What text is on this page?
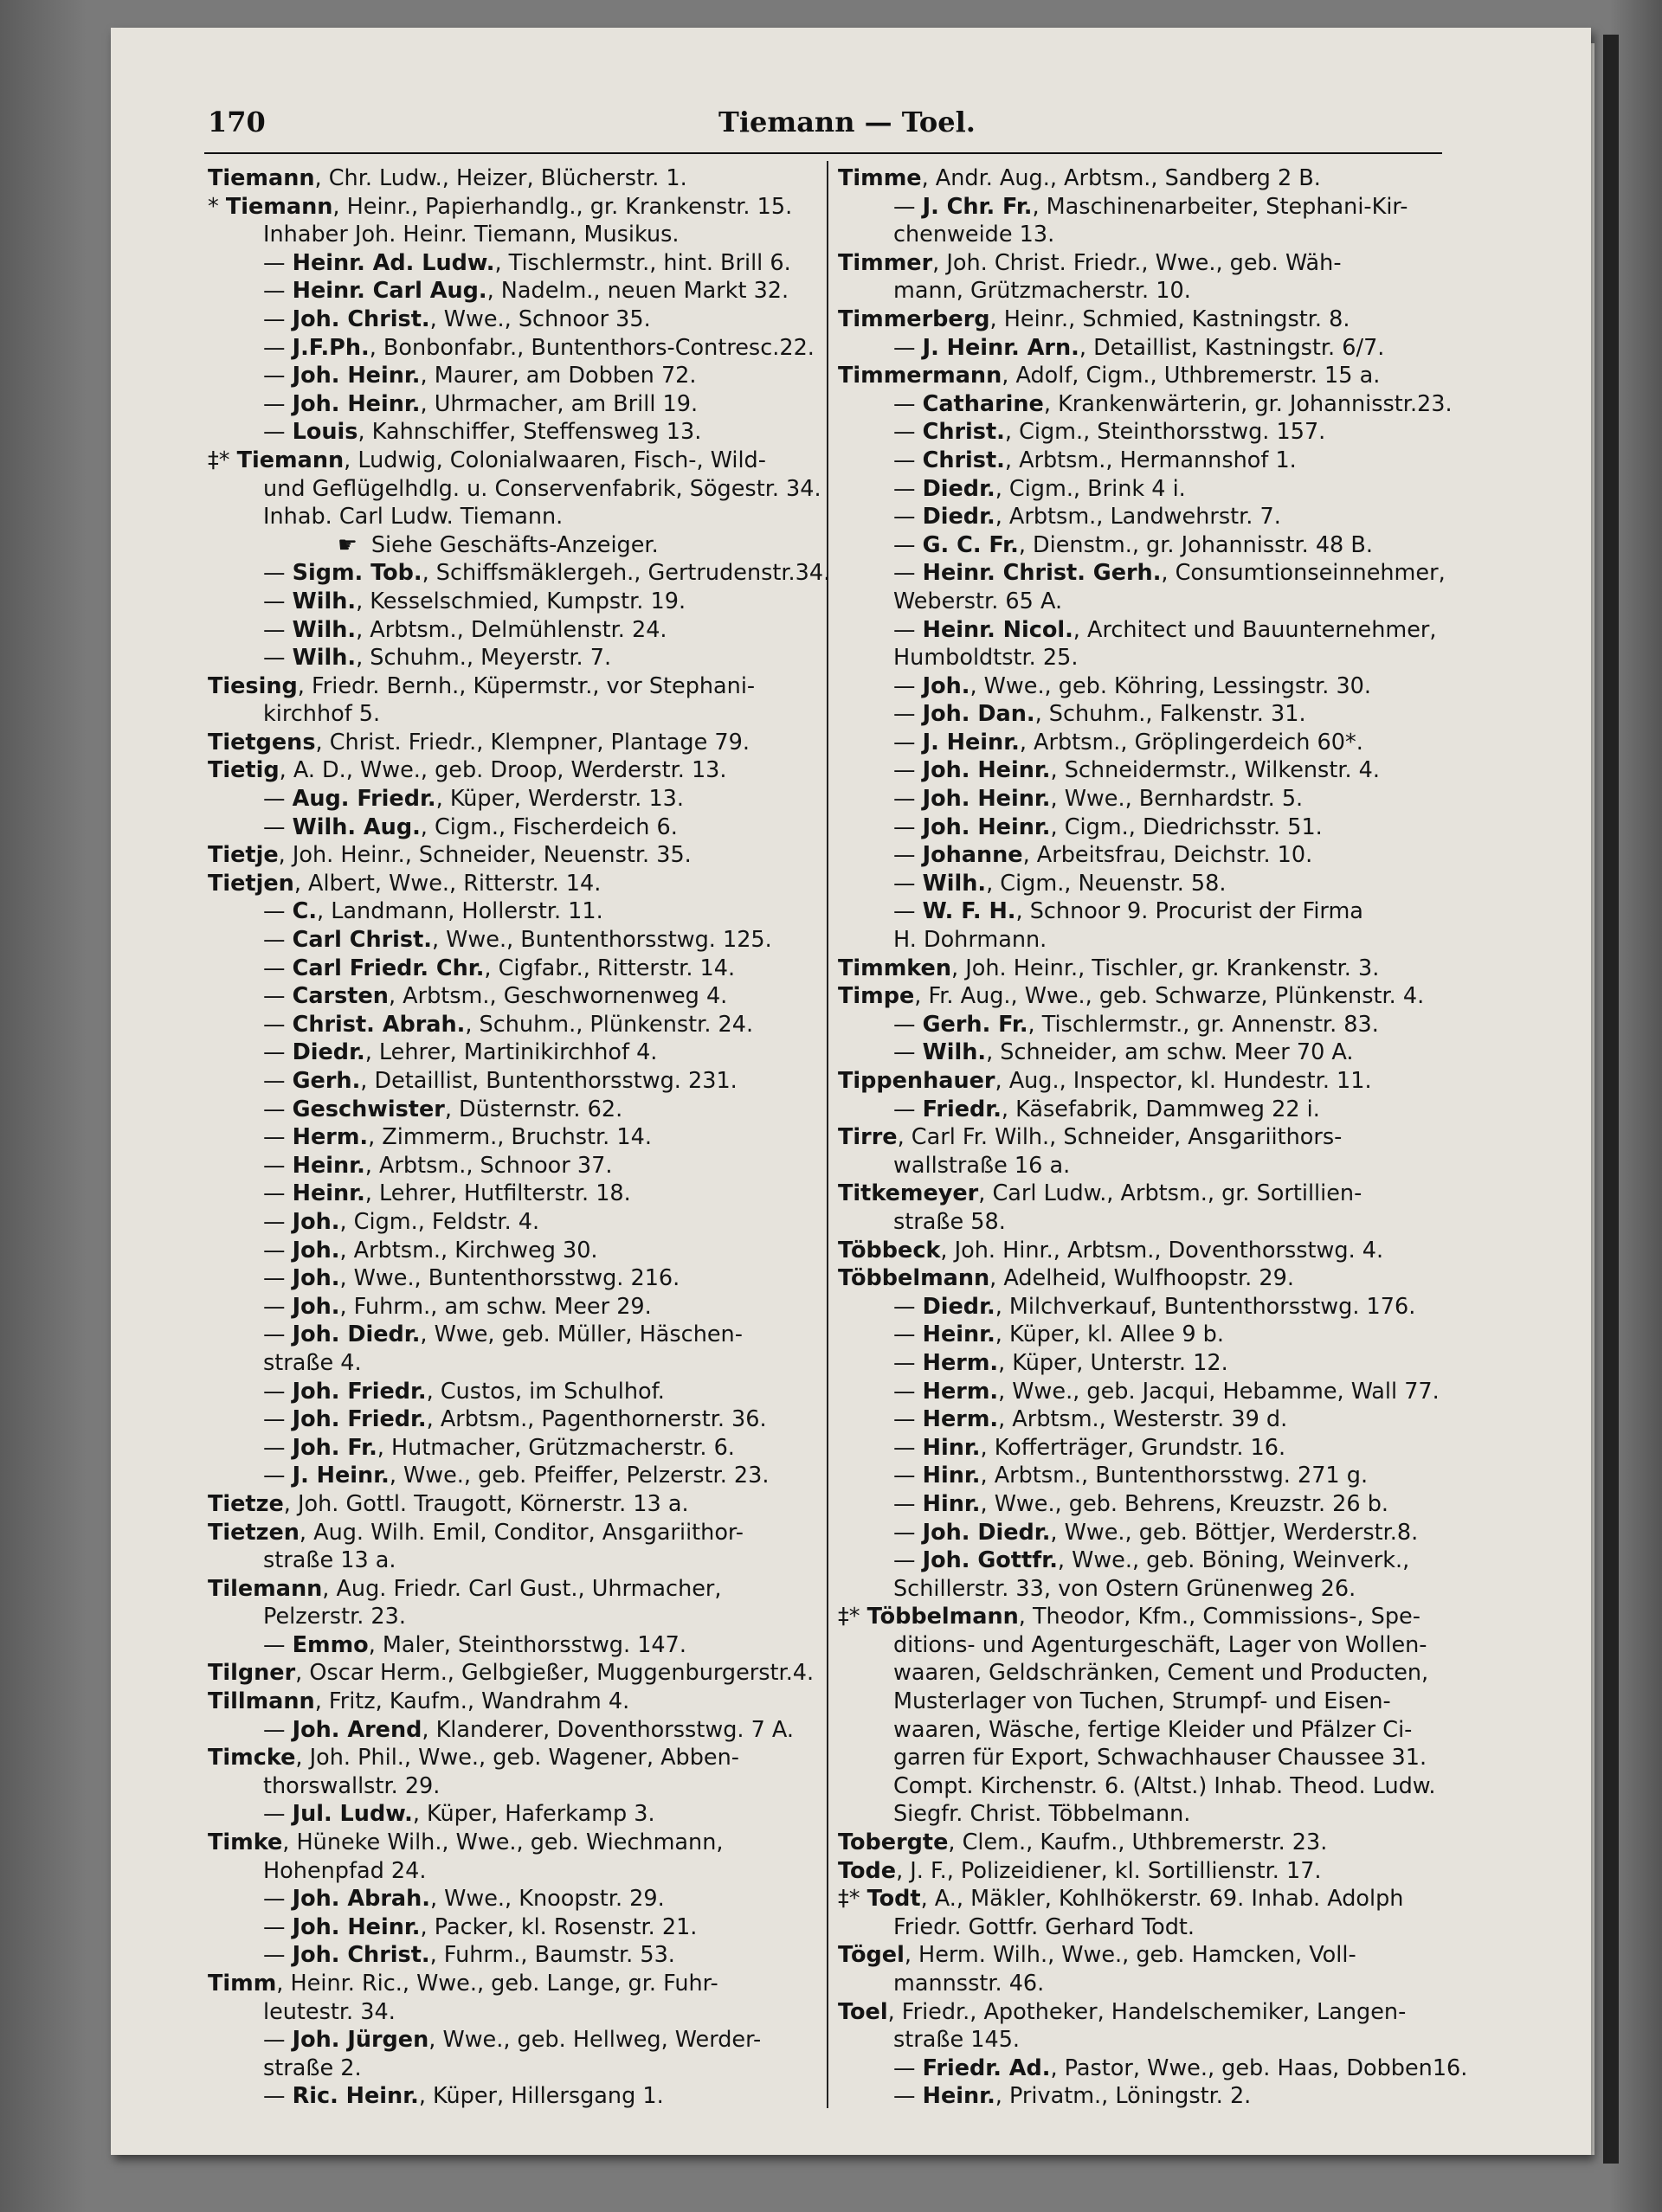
170	Tiemann — Toel.
Tiemann, Chr. Ludw., Heizer, Blücherstr. 1.
* Tiemann, Heinr., Papierhandlg., gr. Krankenstr. 15.
Inhaber Joh. Heinr. Tiemann, Musikus.
— Heinr. Ad. Ludw., Tischlermstr., hint. Brill 6.
— Heinr. Carl Aug., Nadelm., neuen Markt 32.
— Joh. Christ., Wwe., Schnoor 35.
— J.F.Ph., Bonbonfabr., Buntenthors-Contresc.22.
— Joh. Heinr., Maurer, am Dobben 72.
— Joh. Heinr., Uhrmacher, am Brill 19.
— Louis, Kahnschiffer, Steffensweg 13.
‡* Tiemann, Ludwig, Colonialwaaren, Fisch-, Wild-
und Geflügelhdlg. u. Conservenfabrik, Sögestr. 34.
Inhab. Carl Ludw. Tiemann.
☛ Siehe Geschäfts-Anzeiger.
— Sigm. Tob., Schiffsmäklergeh., Gertrudenstr.34.
— Wilh., Kesselschmied, Kumpstr. 19.
— Wilh., Arbtsm., Delmühlenstr. 24.
— Wilh., Schuhm., Meyerstr. 7.
Tiesing, Friedr. Bernh., Küpermstr., vor Stephani-
kirchhof 5.
Tietgens, Christ. Friedr., Klempner, Plantage 79.
Tietig, A. D., Wwe., geb. Droop, Werderstr. 13.
— Aug. Friedr., Küper, Werderstr. 13.
— Wilh. Aug., Cigm., Fischerdeich 6.
Tietje, Joh. Heinr., Schneider, Neuenstr. 35.
Tietjen, Albert, Wwe., Ritterstr. 14.
— C., Landmann, Hollerstr. 11.
— Carl Christ., Wwe., Buntenthorsstwg. 125.
— Carl Friedr. Chr., Cigfabr., Ritterstr. 14.
— Carsten, Arbtsm., Geschwornenweg 4.
— Christ. Abrah., Schuhm., Plünkenstr. 24.
— Diedr., Lehrer, Martinikirchhof 4.
— Gerh., Detaillist, Buntenthorsstwg. 231.
— Geschwister, Düsternstr. 62.
— Herm., Zimmerm., Bruchstr. 14.
— Heinr., Arbtsm., Schnoor 37.
— Heinr., Lehrer, Hutfilterstr. 18.
— Joh., Cigm., Feldstr. 4.
— Joh., Arbtsm., Kirchweg 30.
— Joh., Wwe., Buntenthorsstwg. 216.
— Joh., Fuhrm., am schw. Meer 29.
— Joh. Diedr., Wwe, geb. Müller, Häschen-
straße 4.
— Joh. Friedr., Custos, im Schulhof.
— Joh. Friedr., Arbtsm., Pagenthornerstr. 36.
— Joh. Fr., Hutmacher, Grützmacherstr. 6.
— J. Heinr., Wwe., geb. Pfeiffer, Pelzerstr. 23.
Tietze, Joh. Gottl. Traugott, Körnerstr. 13 a.
Tietzen, Aug. Wilh. Emil, Conditor, Ansgariithor-
straße 13 a.
Tilemann, Aug. Friedr. Carl Gust., Uhrmacher,
Pelzerstr. 23.
— Emmo, Maler, Steinthorsstwg. 147.
Tilgner, Oscar Herm., Gelbgießer, Muggenburgerstr.4.
Tillmann, Fritz, Kaufm., Wandrahm 4.
— Joh. Arend, Klanderer, Doventhorsstwg. 7 A.
Timcke, Joh. Phil., Wwe., geb. Wagener, Abben-
thorswallstr. 29.
— Jul. Ludw., Küper, Haferkamp 3.
Timke, Hüneke Wilh., Wwe., geb. Wiechmann,
Hohenpfad 24.
— Joh. Abrah., Wwe., Knoopstr. 29.
— Joh. Heinr., Packer, kl. Rosenstr. 21.
— Joh. Christ., Fuhrm., Baumstr. 53.
Timm, Heinr. Ric., Wwe., geb. Lange, gr. Fuhr-
leutestr. 34.
— Joh. Jürgen, Wwe., geb. Hellweg, Werder-
straße 2.
— Ric. Heinr., Küper, Hillersgang 1.
Timme, Andr. Aug., Arbtsm., Sandberg 2 B.
— J. Chr. Fr., Maschinenarbeiter, Stephani-Kir-
chenweide 13.
Timmer, Joh. Christ. Friedr., Wwe., geb. Wäh-
mann, Grützmacherstr. 10.
Timmerberg, Heinr., Schmied, Kastningstr. 8.
— J. Heinr. Arn., Detaillist, Kastningstr. 6/7.
Timmermann, Adolf, Cigm., Uthbremerstr. 15 a.
— Catharine, Krankenwärterin, gr. Johannisstr.23.
— Christ., Cigm., Steinthorsstwg. 157.
— Christ., Arbtsm., Hermannshof 1.
— Diedr., Cigm., Brink 4 i.
— Diedr., Arbtsm., Landwehrstr. 7.
— G. C. Fr., Dienstm., gr. Johannisstr. 48 B.
— Heinr. Christ. Gerh., Consumtionseinnehmer,
Weberstr. 65 A.
— Heinr. Nicol., Architect und Bauunternehmer,
Humboldtstr. 25.
— Joh., Wwe., geb. Köhring, Lessingstr. 30.
— Joh. Dan., Schuhm., Falkenstr. 31.
— J. Heinr., Arbtsm., Gröplingerdeich 60*.
— Joh. Heinr., Schneidermstr., Wilkenstr. 4.
— Joh. Heinr., Wwe., Bernhardstr. 5.
— Joh. Heinr., Cigm., Diedrichsstr. 51.
— Johanne, Arbeitsfrau, Deichstr. 10.
— Wilh., Cigm., Neuenstr. 58.
— W. F. H., Schnoor 9. Procurist der Firma
H. Dohrmann.
Timmken, Joh. Heinr., Tischler, gr. Krankenstr. 3.
Timpe, Fr. Aug., Wwe., geb. Schwarze, Plünkenstr. 4.
— Gerh. Fr., Tischlermstr., gr. Annenstr. 83.
— Wilh., Schneider, am schw. Meer 70 A.
Tippenhauer, Aug., Inspector, kl. Hundestr. 11.
— Friedr., Käsefabrik, Dammweg 22 i.
Tirre, Carl Fr. Wilh., Schneider, Ansgariithors-
wallstraße 16 a.
Titkemeyer, Carl Ludw., Arbtsm., gr. Sortillien-
straße 58.
Többeck, Joh. Hinr., Arbtsm., Doventhorsstwg. 4.
Többelmann, Adelheid, Wulfhoopstr. 29.
— Diedr., Milchverkauf, Buntenthorsstwg. 176.
— Heinr., Küper, kl. Allee 9 b.
— Herm., Küper, Unterstr. 12.
— Herm., Wwe., geb. Jacqui, Hebamme, Wall 77.
— Herm., Arbtsm., Westerstr. 39 d.
— Hinr., Kofferträger, Grundstr. 16.
— Hinr., Arbtsm., Buntenthorsstwg. 271 g.
— Hinr., Wwe., geb. Behrens, Kreuzstr. 26 b.
— Joh. Diedr., Wwe., geb. Böttjer, Werderstr.8.
— Joh. Gottfr., Wwe., geb. Böning, Weinverk.,
Schillerstr. 33, von Ostern Grünenweg 26.
‡* Többelmann, Theodor, Kfm., Commissions-, Spe-
ditions- und Agenturgeschäft, Lager von Wollen-
waaren, Geldschränken, Cement und Producten,
Musterlager von Tuchen, Strumpf- und Eisen-
waaren, Wäsche, fertige Kleider und Pfälzer Ci-
garren für Export, Schwachhauser Chaussee 31.
Compt. Kirchenstr. 6. (Altst.) Inhab. Theod. Ludw.
Siegfr. Christ. Többelmann.
Tobergte, Clem., Kaufm., Uthbremerstr. 23.
Tode, J. F., Polizeidiener, kl. Sortillienstr. 17.
‡* Todt, A., Mäkler, Kohlhökerstr. 69. Inhab. Adolph
Friedr. Gottfr. Gerhard Todt.
Tögel, Herm. Wilh., Wwe., geb. Hamcken, Voll-
mannsstr. 46.
Toel, Friedr., Apotheker, Handelschemiker, Langen-
straße 145.
— Friedr. Ad., Pastor, Wwe., geb. Haas, Dobben16.
— Heinr., Privatm., Löningstr. 2.
